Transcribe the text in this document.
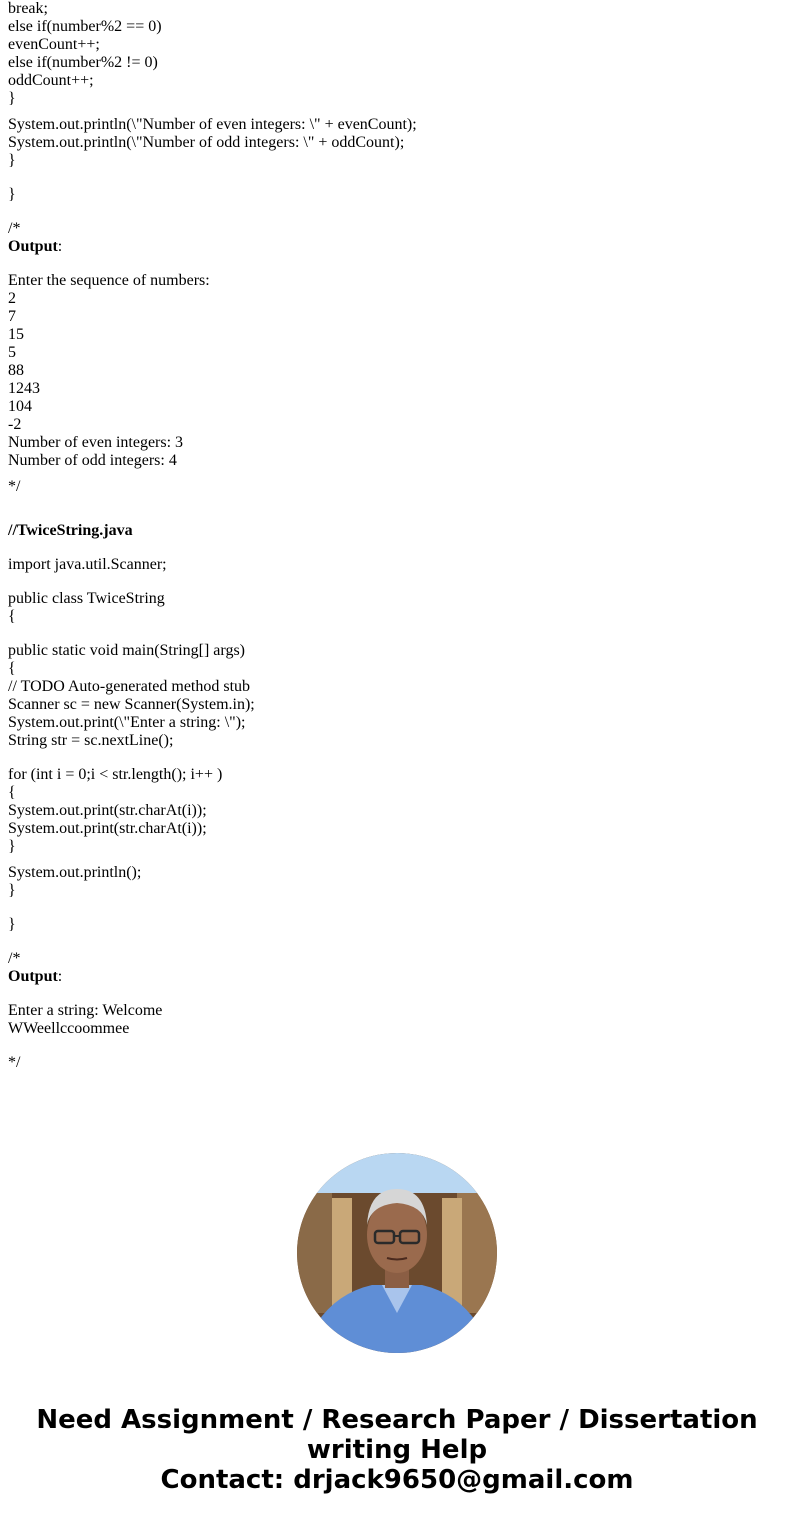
break;
else if(number%2 == 0)
evenCount++;
else if(number%2 != 0)
oddCount++;
}
System.out.println(\"Number of even integers: \" + evenCount);
System.out.println(\"Number of odd integers: \" + oddCount);
}
}
/*
Output:
Enter the sequence of numbers:
2
7
15
5
88
1243
104
-2
Number of even integers: 3
Number of odd integers: 4
*/
//TwiceString.java
import java.util.Scanner;
public class TwiceString
{
public static void main(String[] args)
{
// TODO Auto-generated method stub
Scanner sc = new Scanner(System.in);
System.out.print(\"Enter a string: \");
String str = sc.nextLine();
for (int i = 0;i < str.length(); i++ )
{
System.out.print(str.charAt(i));
System.out.print(str.charAt(i));
}
System.out.println();
}
}
/*
Output:
Enter a string: Welcome
WWeellccoommee
*/
Need Assignment / Research Paper / Dissertation
writing Help
Contact: drjack9650@gmail.com
